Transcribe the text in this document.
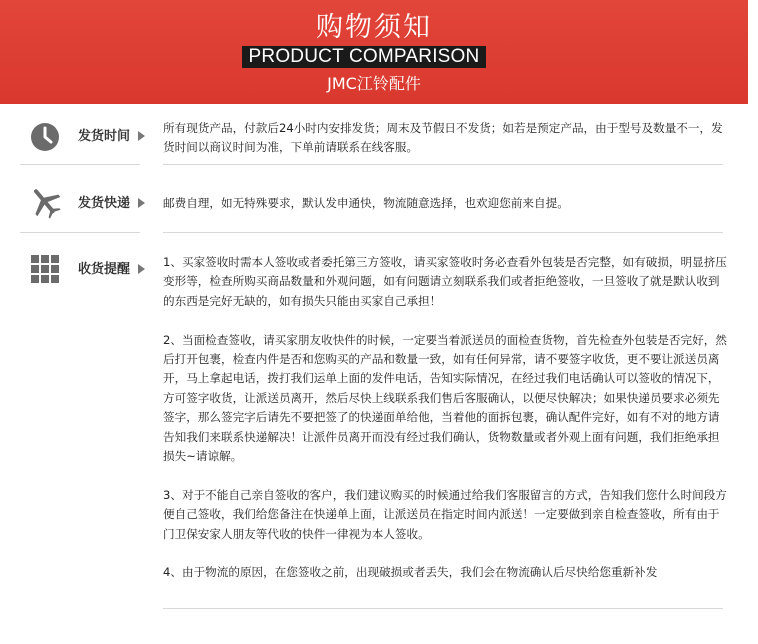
购物须知
PRODUCT COMPARISON
JMC江铃配件
发货时间
所有现货产品，付款后24小时内安排发货；周末及节假日不发货；如若是预定产品，由于型号及数量不一，发货时间以商议时间为准，下单前请联系在线客服。
发货快递	邮费自理，如无特殊要求，默认发申通快，物流随意选择，也欢迎您前来自提。
收货提醒	1、买家签收时需本人签收或者委托第三方签收，请买家签收时务必查看外包装是否完整，如有破损，明显挤压变形等，检查所购买商品数量和外观问题，如有问题请立刻联系我们或者拒绝签收，一旦签收了就是默认收到的东西是完好无缺的，如有损失只能由买家自己承担！

2、当面检查签收，请买家朋友收快件的时候，一定要当着派送员的面检查货物，首先检查外包装是否完好，然后打开包裹，检查内件是否和您购买的产品和数量一致，如有任何异常，请不要签字收货，更不要让派送员离开，马上拿起电话，拨打我们运单上面的发件电话，告知实际情况，在经过我们电话确认可以签收的情况下，方可签字收货，让派送员离开，然后尽快上线联系我们售后客服确认，以便尽快解决；如果快递员要求必须先签字，那么签完字后请先不要把签了的快递面单给他，当着他的面拆包裹，确认配件完好，如有不对的地方请告知我们来联系快递解决！让派件员离开而没有经过我们确认，货物数量或者外观上面有问题，我们拒绝承担损失~请谅解。

3、对于不能自己亲自签收的客户，我们建议购买的时候通过给我们客服留言的方式，告知我们您什么时间段方便自己签收，我们给您备注在快递单上面，让派送员在指定时间内派送！一定要做到亲自检查签收，所有由于门卫保安家人朋友等代收的快件一律视为本人签收。

4、由于物流的原因，在您签收之前，出现破损或者丢失，我们会在物流确认后尽快给您重新补发
